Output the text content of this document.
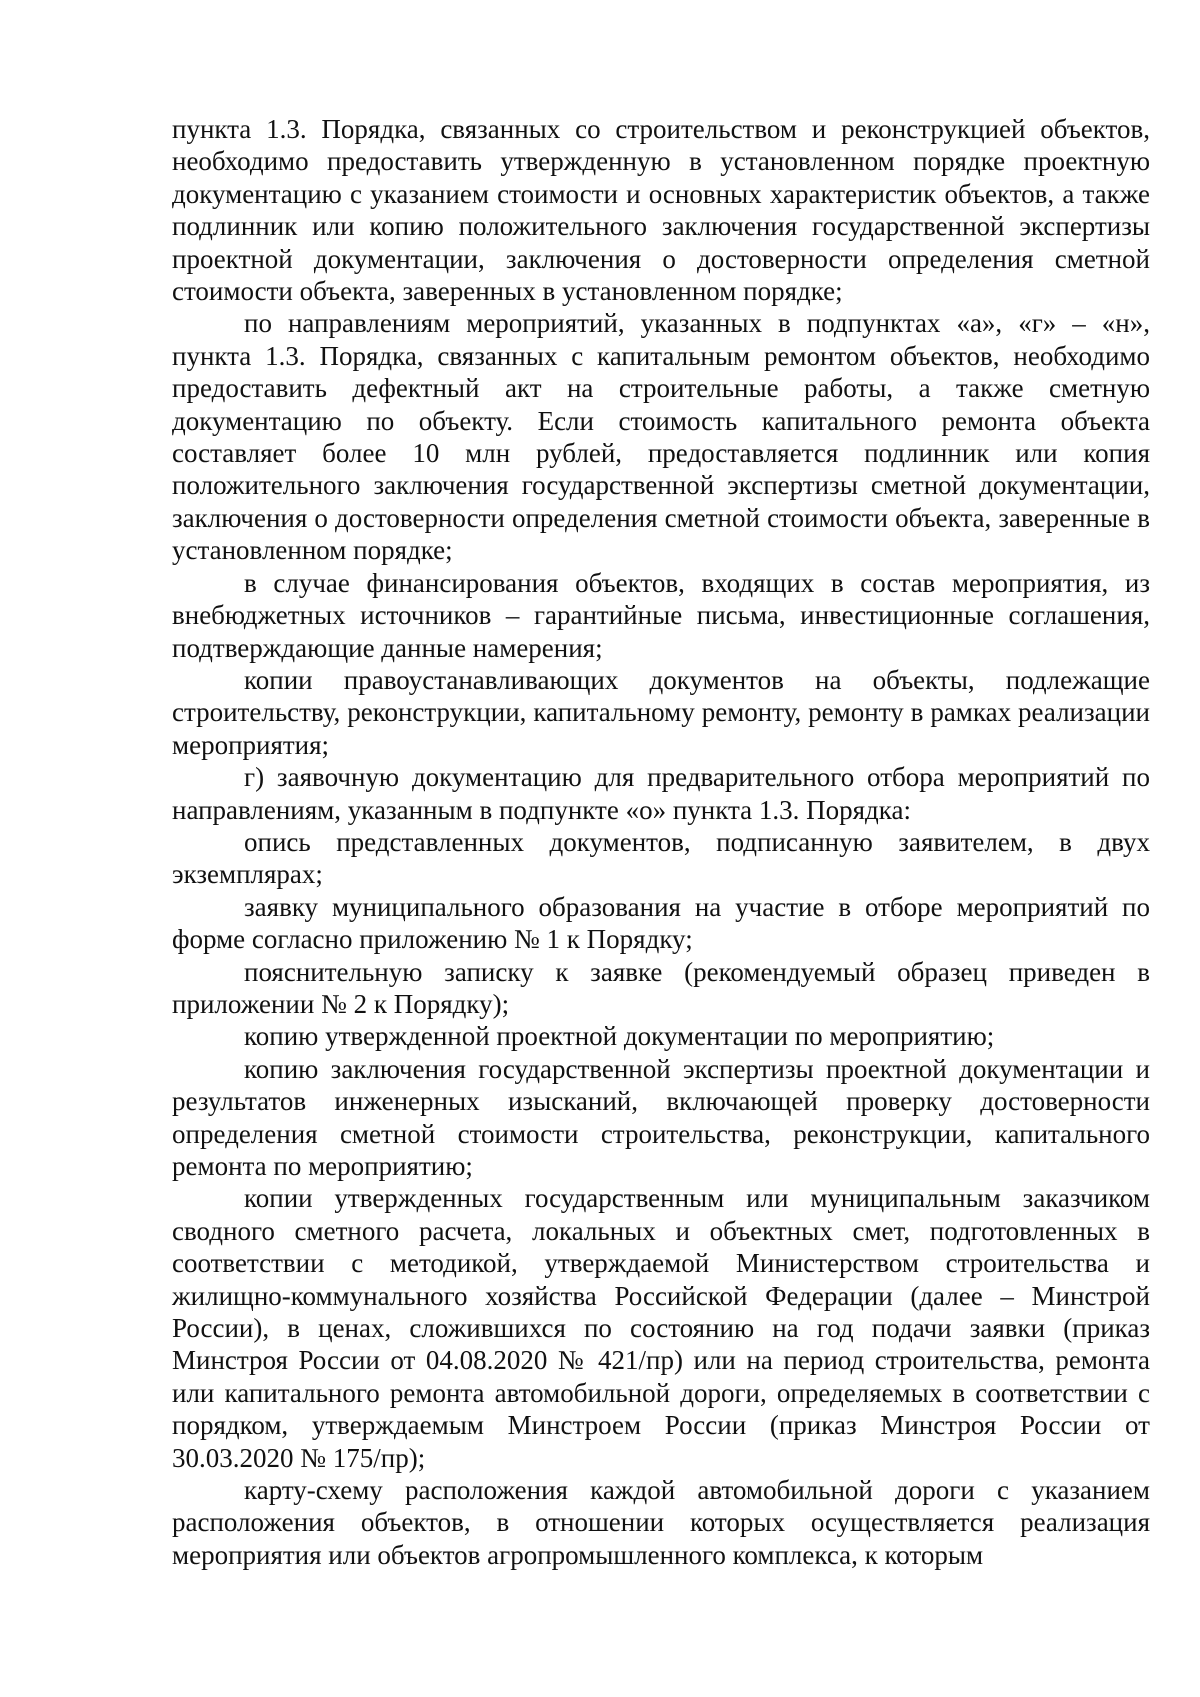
пункта 1.3. Порядка, связанных со строительством и реконструкцией объектов, необходимо предоставить утвержденную в установленном порядке проектную документацию с указанием стоимости и основных характеристик объектов, а также подлинник или копию положительного заключения государственной экспертизы проектной документации, заключения о достоверности определения сметной стоимости объекта, заверенных в установленном порядке;

по направлениям мероприятий, указанных в подпунктах «а», «г» – «н», пункта 1.3. Порядка, связанных с капитальным ремонтом объектов, необходимо предоставить дефектный акт на строительные работы, а также сметную документацию по объекту. Если стоимость капитального ремонта объекта составляет более 10 млн рублей, предоставляется подлинник или копия положительного заключения государственной экспертизы сметной документации, заключения о достоверности определения сметной стоимости объекта, заверенные в установленном порядке;

в случае финансирования объектов, входящих в состав мероприятия, из внебюджетных источников – гарантийные письма, инвестиционные соглашения, подтверждающие данные намерения;

копии правоустанавливающих документов на объекты, подлежащие строительству, реконструкции, капитальному ремонту, ремонту в рамках реализации мероприятия;

г) заявочную документацию для предварительного отбора мероприятий по направлениям, указанным в подпункте «о» пункта 1.3. Порядка:

опись представленных документов, подписанную заявителем, в двух экземплярах;

заявку муниципального образования на участие в отборе мероприятий по форме согласно приложению № 1 к Порядку;

пояснительную записку к заявке (рекомендуемый образец приведен в приложении № 2 к Порядку);

копию утвержденной проектной документации по мероприятию;

копию заключения государственной экспертизы проектной документации и результатов инженерных изысканий, включающей проверку достоверности определения сметной стоимости строительства, реконструкции, капитального ремонта по мероприятию;

копии утвержденных государственным или муниципальным заказчиком сводного сметного расчета, локальных и объектных смет, подготовленных в соответствии с методикой, утверждаемой Министерством строительства и жилищно-коммунального хозяйства Российской Федерации (далее – Минстрой России), в ценах, сложившихся по состоянию на год подачи заявки (приказ Минстроя России от 04.08.2020 № 421/пр) или на период строительства, ремонта или капитального ремонта автомобильной дороги, определяемых в соответствии с порядком, утверждаемым Минстроем России (приказ Минстроя России от 30.03.2020 № 175/пр);

карту-схему расположения каждой автомобильной дороги с указанием расположения объектов, в отношении которых осуществляется реализация мероприятия или объектов агропромышленного комплекса, к которым
